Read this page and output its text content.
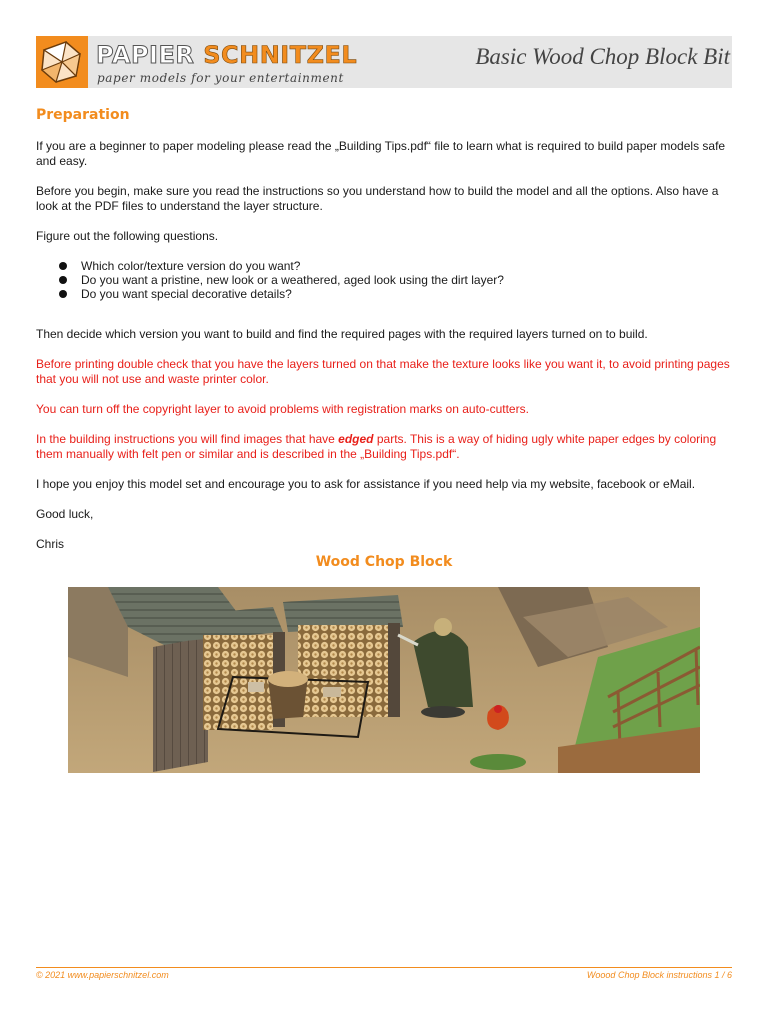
PAPIER SCHNITZEL
paper models for your entertainment
Basic Wood Chop Block Bit
Preparation

If you are a beginner to paper modeling please read the „Building Tips.pdf“ file to learn what is required to build paper models safe and easy.

Before you begin, make sure you read the instructions so you understand how to build the model and all the options. Also have a look at the PDF files to understand the layer structure.

Figure out the following questions.

Which color/texture version do you want?
Do you want a pristine, new look or a weathered, aged look using the dirt layer?
Do you want special decorative details?

Then decide which version you want to build and find the required pages with the required layers turned on to build.

Before printing double check that you have the layers turned on that make the texture looks like you want it, to avoid printing pages that you will not use and waste printer color.

You can turn off the copyright layer to avoid problems with registration marks on auto-cutters.

In the building instructions you will find images that have edged parts. This is a way of hiding ugly white paper edges by coloring them manually with felt pen or similar and is described in the „Building Tips.pdf“.

I hope you enjoy this model set and encourage you to ask for assistance if you need help via my website, facebook or eMail.

Good luck,

Chris

Wood Chop Block
© 2021 www.papierschnitzel.com	Woood Chop Block instructions 1 / 6
